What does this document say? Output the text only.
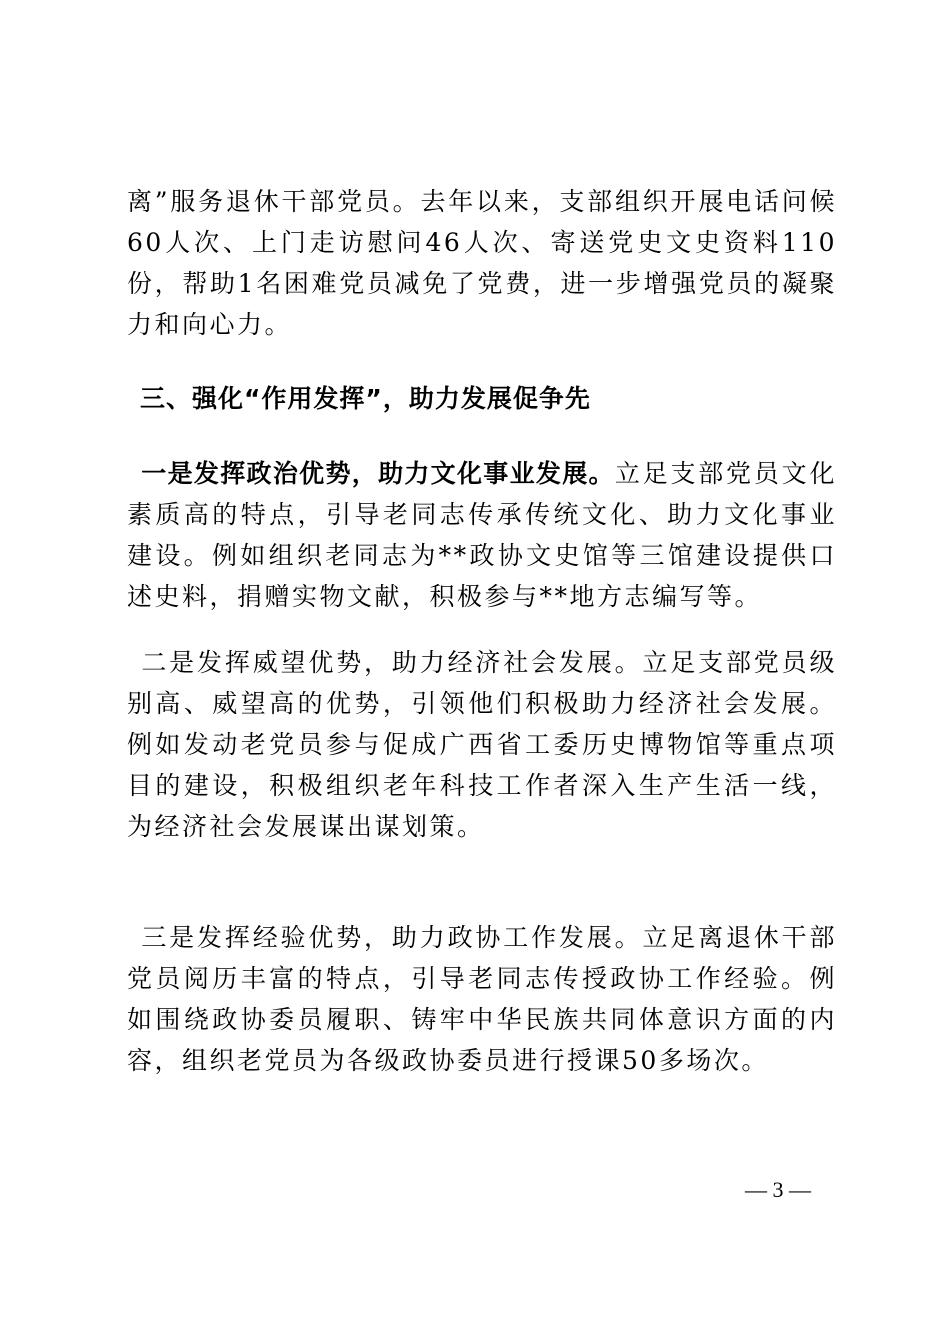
离”服务退休干部党员。去年以来，支部组织开展电话问候60人次、上门走访慰问46人次、寄送党史文史资料110份，帮助1名困难党员减免了党费，进一步增强党员的凝聚力和向心力。

三、强化“作用发挥”，助力发展促争先

一是发挥政治优势，助力文化事业发展。立足支部党员文化素质高的特点，引导老同志传承传统文化、助力文化事业建设。例如组织老同志为**政协文史馆等三馆建设提供口述史料，捐赠实物文献，积极参与**地方志编写等。

二是发挥威望优势，助力经济社会发展。立足支部党员级别高、威望高的优势，引领他们积极助力经济社会发展。例如发动老党员参与促成广西省工委历史博物馆等重点项目的建设，积极组织老年科技工作者深入生产生活一线，为经济社会发展谋出谋划策。

三是发挥经验优势，助力政协工作发展。立足离退休干部党员阅历丰富的特点，引导老同志传授政协工作经验。例如围绕政协委员履职、铸牢中华民族共同体意识方面的内容，组织老党员为各级政协委员进行授课50多场次。

— 3 —
